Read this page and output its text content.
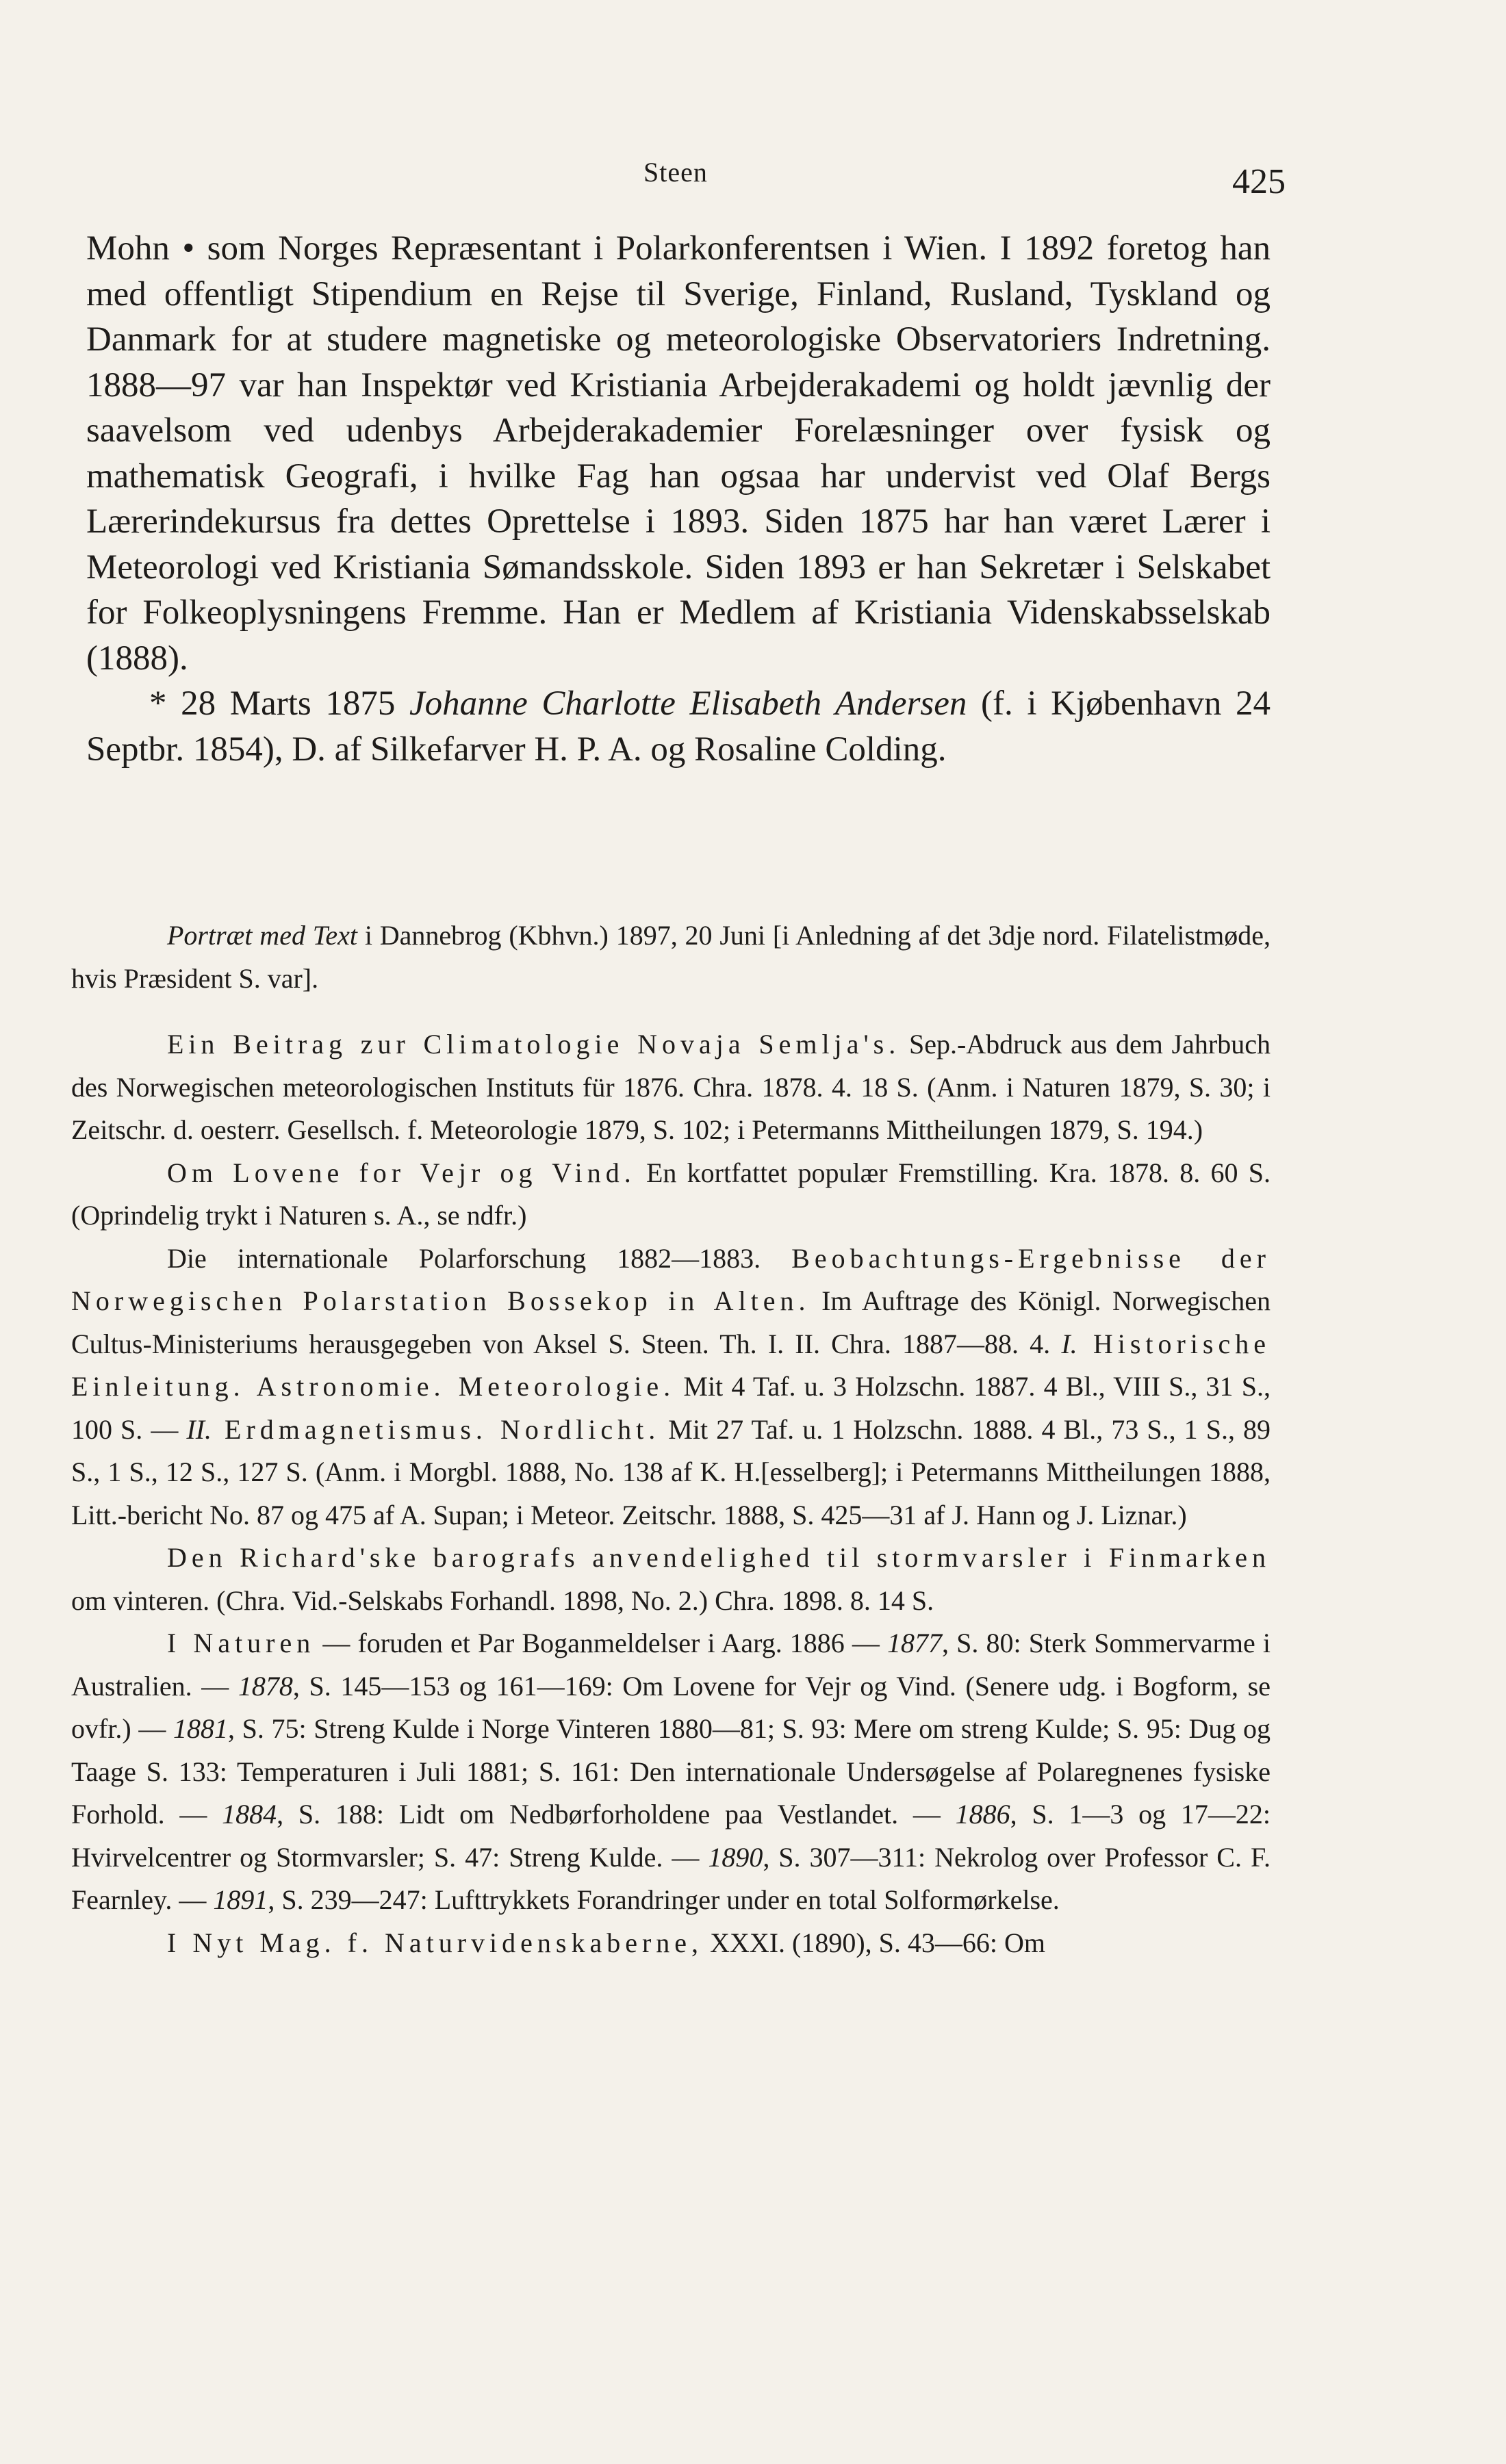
Steen	425

Mohn • som Norges Repræsentant i Polarkonferentsen i Wien. I 1892 foretog han med offentligt Stipendium en Rejse til Sverige, Finland, Rusland, Tyskland og Danmark for at studere magnetiske og meteorologiske Observatoriers Indretning. 1888—97 var han Inspektør ved Kristiania Arbejderakademi og holdt jævnlig der saavelsom ved udenbys Arbejderakademier Forelæsninger over fysisk og mathematisk Geografi, i hvilke Fag han ogsaa har undervist ved Olaf Bergs Lærerindekursus fra dettes Oprettelse i 1893. Siden 1875 har han været Lærer i Meteorologi ved Kristiania Sømandsskole. Siden 1893 er han Sekretær i Selskabet for Folkeoplysningens Fremme. Han er Medlem af Kristiania Videnskabsselskab (1888).

* 28 Marts 1875 Johanne Charlotte Elisabeth Andersen (f. i Kjøbenhavn 24 Septbr. 1854), D. af Silkefarver H. P. A. og Rosaline Colding.

Portræt med Text i Dannebrog (Kbhvn.) 1897, 20 Juni [i Anledning af det 3dje nord. Filatelistmøde, hvis Præsident S. var].

Ein Beitrag zur Climatologie Novaja Semlja's. Sep.-Abdruck aus dem Jahrbuch des Norwegischen meteorologischen Instituts für 1876. Chra. 1878. 4. 18 S. (Anm. i Naturen 1879, S. 30; i Zeitschr. d. oesterr. Gesellsch. f. Meteorologie 1879, S. 102; i Petermanns Mittheilungen 1879, S. 194.)

Om Lovene for Vejr og Vind. En kortfattet populær Fremstilling. Kra. 1878. 8. 60 S. (Oprindelig trykt i Naturen s. A., se ndfr.)

Die internationale Polarforschung 1882—1883. Beobachtungs-Ergebnisse der Norwegischen Polarstation Bossekop in Alten. Im Auftrage des Königl. Norwegischen Cultus-Ministeriums herausgegeben von Aksel S. Steen. Th. I. II. Chra. 1887—88. 4. I. Historische Einleitung. Astronomie. Meteorologie. Mit 4 Taf. u. 3 Holzschn. 1887. 4 Bl., VIII S., 31 S., 100 S. — II. Erdmagnetismus. Nordlicht. Mit 27 Taf. u. 1 Holzschn. 1888. 4 Bl., 73 S., 1 S., 89 S., 1 S., 12 S., 127 S. (Anm. i Morgbl. 1888, No. 138 af K. H.[esselberg]; i Petermanns Mittheilungen 1888, Litt.-bericht No. 87 og 475 af A. Supan; i Meteor. Zeitschr. 1888, S. 425—31 af J. Hann og J. Liznar.)

Den Richard'ske barografs anvendelighed til stormvarsler i Finmarken om vinteren. (Chra. Vid.-Selskabs Forhandl. 1898, No. 2.) Chra. 1898. 8. 14 S.

I Naturen — foruden et Par Boganmeldelser i Aarg. 1886 — 1877, S. 80: Sterk Sommervarme i Australien. — 1878, S. 145—153 og 161—169: Om Lovene for Vejr og Vind. (Senere udg. i Bogform, se ovfr.) — 1881, S. 75: Streng Kulde i Norge Vinteren 1880—81; S. 93: Mere om streng Kulde; S. 95: Dug og Taage S. 133: Temperaturen i Juli 1881; S. 161: Den internationale Undersøgelse af Polaregnenes fysiske Forhold. — 1884, S. 188: Lidt om Nedbørforholdene paa Vestlandet. — 1886, S. 1—3 og 17—22: Hvirvelcentrer og Stormvarsler; S. 47: Streng Kulde. — 1890, S. 307—311: Nekrolog over Professor C. F. Fearnley. — 1891, S. 239—247: Lufttrykkets Forandringer under en total Solformørkelse.

I Nyt Mag. f. Naturvidenskaberne, XXXI. (1890), S. 43—66: Om
